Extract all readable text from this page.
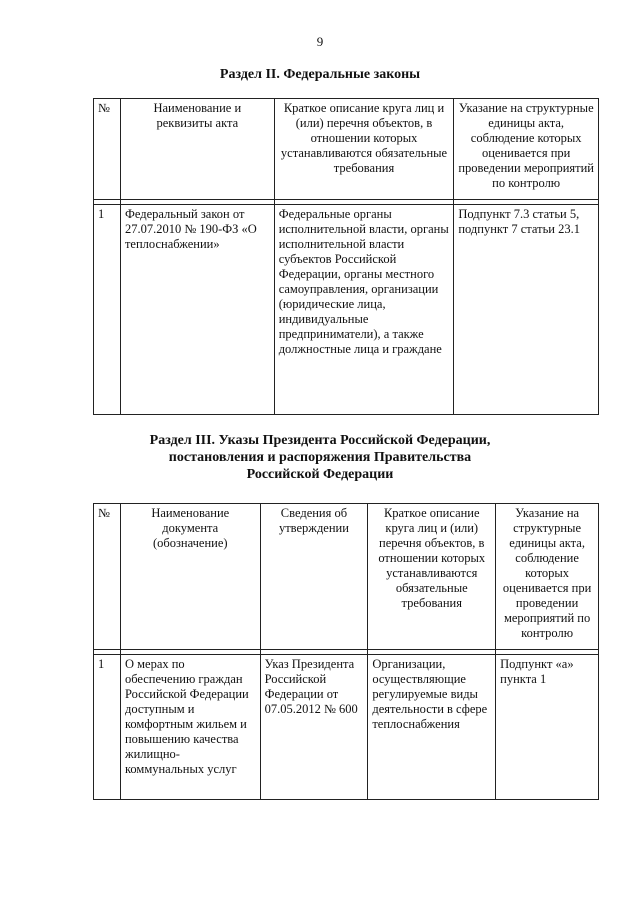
9
Раздел II. Федеральные законы
№	Наименование и реквизиты акта	Краткое описание круга лиц и (или) перечня объектов, в отношении которых устанавливаются обязательные требования	Указание на структурные единицы акта, соблюдение которых оценивается при проведении мероприятий по контролю

1	Федеральный закон от 27.07.2010 № 190-ФЗ «О теплоснабжении»	Федеральные органы исполнительной власти, органы исполнительной власти субъектов Российской Федерации, органы местного самоуправления, организации (юридические лица, индивидуальные предприниматели), а также должностные лица и граждане	Подпункт 7.3 статьи 5, подпункт 7 статьи 23.1
Раздел III. Указы Президента Российской Федерации,
постановления и распоряжения Правительства
Российской Федерации
№	Наименование документа (обозначение)	Сведения об утверждении	Краткое описание круга лиц и (или) перечня объектов, в отношении которых устанавливаются обязательные требования	Указание на структурные единицы акта, соблюдение которых оценивается при проведении мероприятий по контролю

1	О мерах по обеспечению граждан Российской Федерации доступным и комфортным жильем и повышению качества жилищно-коммунальных услуг	Указ Президента Российской Федерации от 07.05.2012 № 600	Организации, осуществляющие регулируемые виды деятельности в сфере теплоснабжения	Подпункт «а» пункта 1
